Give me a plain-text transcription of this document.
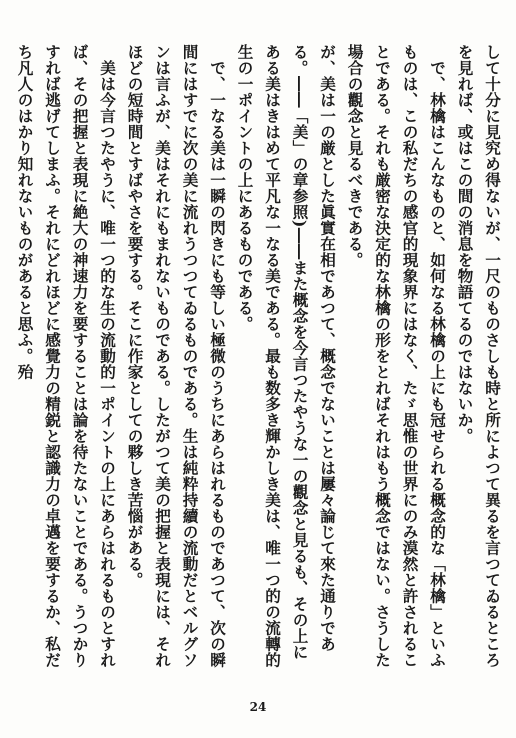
して十分に見究め得ないが、一尺のものさしも時と所によつて異るを言つてゐるところを見れば、或はこの間の消息を物語てるのではないか。

で、林檎はこんなものと、如何なる林檎の上にも冠せられる概念的な「林檎」といふものは、この私だちの感官的現象界にはなく、たゞ思惟の世界にのみ漠然と許されることである。それも厳密な決定的な林檎の形をとればそれはもう概念ではない。さうした場合の觀念と見るべきである。

が、美は一の厳とした眞實在相であつて、概念でないことは屢々論じて來た通りである。――「美」の章参照)――また概念を今言つたやうな一の觀念と見るも、その上にある美はきはめて平凡な一なる美である。最も数多き輝かしき美は、唯一つ的の流轉的生の一ポイントの上にあるものである。

で、一なる美は一瞬の閃きにも等しい極微のうちにあらはれるものであつて、次の瞬間にはすでに次の美に流れうつつてゐるものである。生は純粋持續の流動だとベルグソンは言ふが、美はそれにもまれないものである。したがつて美の把握と表現には、それほどの短時間とすばやさを要する。そこに作家としての夥しき苦惱がある。

美は今言つたやうに、唯一つ的な生の流動的一ポイントの上にあらはれるものとすれば、その把握と表現に絶大の神速力を要することは論を待たないことである。うつかりすれば逃げてしまふ。それにどれほどに感覺力の精鋭と認識力の卓邁を要するか、私だち凡人のはかり知れないものがあると思ふ。殆

24
